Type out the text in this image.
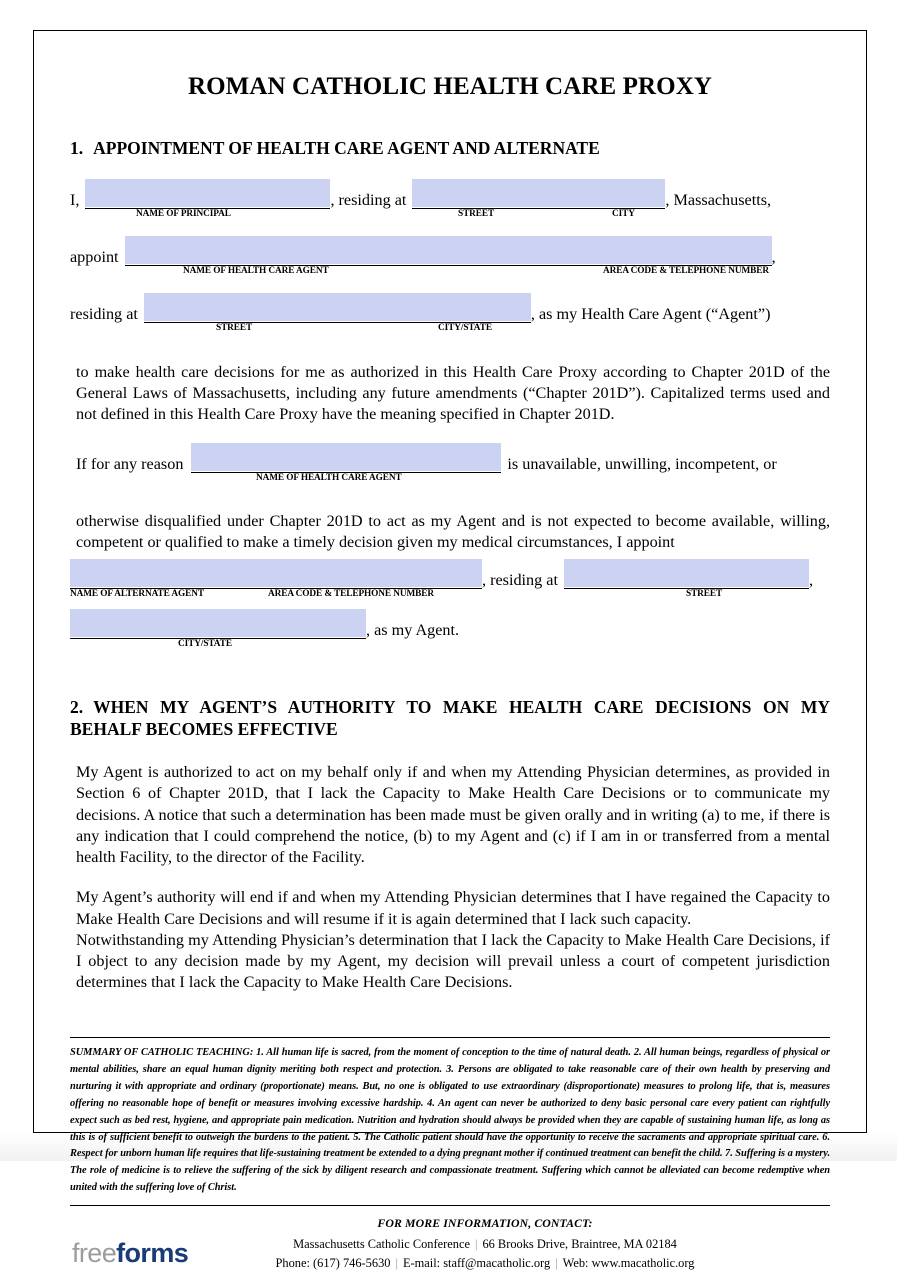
ROMAN CATHOLIC HEALTH CARE PROXY
1. APPOINTMENT OF HEALTH CARE AGENT AND ALTERNATE
I,	, residing at	, Massachusetts,
NAME OF PRINCIPAL	STREET	CITY
appoint	,
NAME OF HEALTH CARE AGENT	AREA CODE & TELEPHONE NUMBER
residing at	, as my Health Care Agent (“Agent”)
STREET	CITY/STATE

to make health care decisions for me as authorized in this Health Care Proxy according to Chapter 201D of the General Laws of Massachusetts, including any future amendments (“Chapter 201D”). Capitalized terms used and not defined in this Health Care Proxy have the meaning specified in Chapter 201D.

If for any reason	is unavailable, unwilling, incompetent, or
NAME OF HEALTH CARE AGENT

otherwise disqualified under Chapter 201D to act as my Agent and is not expected to become available, willing, competent or qualified to make a timely decision given my medical circumstances, I appoint

, residing at	,
NAME OF ALTERNATE AGENT	AREA CODE & TELEPHONE NUMBER	STREET
, as my Agent.
CITY/STATE
2. WHEN MY AGENT’S AUTHORITY TO MAKE HEALTH CARE DECISIONS ON MY BEHALF BECOMES EFFECTIVE

My Agent is authorized to act on my behalf only if and when my Attending Physician determines, as provided in Section 6 of Chapter 201D, that I lack the Capacity to Make Health Care Decisions or to communicate my decisions. A notice that such a determination has been made must be given orally and in writing (a) to me, if there is any indication that I could comprehend the notice, (b) to my Agent and (c) if I am in or transferred from a mental health Facility, to the director of the Facility.

My Agent’s authority will end if and when my Attending Physician determines that I have regained the Capacity to Make Health Care Decisions and will resume if it is again determined that I lack such capacity.

Notwithstanding my Attending Physician’s determination that I lack the Capacity to Make Health Care Decisions, if I object to any decision made by my Agent, my decision will prevail unless a court of competent jurisdiction determines that I lack the Capacity to Make Health Care Decisions.

SUMMARY OF CATHOLIC TEACHING: 1. All human life is sacred, from the moment of conception to the time of natural death. 2. All human beings, regardless of physical or mental abilities, share an equal human dignity meriting both respect and protection. 3. Persons are obligated to take reasonable care of their own health by preserving and nurturing it with appropriate and ordinary (proportionate) means. But, no one is obligated to use extraordinary (disproportionate) measures to prolong life, that is, measures offering no reasonable hope of benefit or measures involving excessive hardship. 4. An agent can never be authorized to deny basic personal care every patient can rightfully expect such as bed rest, hygiene, and appropriate pain medication. Nutrition and hydration should always be provided when they are capable of sustaining human life, as long as this is of sufficient benefit to outweigh the burdens to the patient. 5. The Catholic patient should have the opportunity to receive the sacraments and appropriate spiritual care. 6. Respect for unborn human life requires that life-sustaining treatment be extended to a dying pregnant mother if continued treatment can benefit the child. 7. Suffering is a mystery. The role of medicine is to relieve the suffering of the sick by diligent research and compassionate treatment. Suffering which cannot be alleviated can become redemptive when united with the suffering love of Christ.

freeforms
FOR MORE INFORMATION, CONTACT:
Massachusetts Catholic Conference | 66 Brooks Drive, Braintree, MA 02184
Phone: (617) 746-5630 | E-mail: staff@macatholic.org | Web: www.macatholic.org
